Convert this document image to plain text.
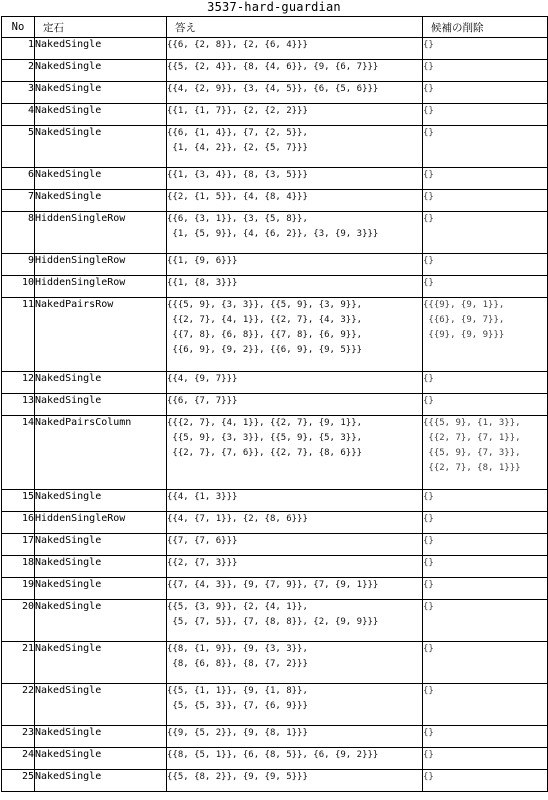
3537-hard-guardian
No	定石	答え	候補の削除
1	NakedSingle	{{6, {2, 8}}, {2, {6, 4}}}	{}
2	NakedSingle	{{5, {2, 4}}, {8, {4, 6}}, {9, {6, 7}}}	{}
3	NakedSingle	{{4, {2, 9}}, {3, {4, 5}}, {6, {5, 6}}}	{}
4	NakedSingle	{{1, {1, 7}}, {2, {2, 2}}}	{}
5	NakedSingle	{{6, {1, 4}}, {7, {2, 5}},
{1, {4, 2}}, {2, {5, 7}}}	{}
6	NakedSingle	{{1, {3, 4}}, {8, {3, 5}}}	{}
7	NakedSingle	{{2, {1, 5}}, {4, {8, 4}}}	{}
8	HiddenSingleRow	{{6, {3, 1}}, {3, {5, 8}},
{1, {5, 9}}, {4, {6, 2}}, {3, {9, 3}}}	{}
9	HiddenSingleRow	{{1, {9, 6}}}	{}
10	HiddenSingleRow	{{1, {8, 3}}}	{}
11	NakedPairsRow	{{{5, 9}, {3, 3}}, {{5, 9}, {3, 9}},
{{2, 7}, {4, 1}}, {{2, 7}, {4, 3}},
{{7, 8}, {6, 8}}, {{7, 8}, {6, 9}},
{{6, 9}, {9, 2}}, {{6, 9}, {9, 5}}}	{{{9}, {9, 1}},
{{6}, {9, 7}},
{{9}, {9, 9}}}
12	NakedSingle	{{4, {9, 7}}}	{}
13	NakedSingle	{{6, {7, 7}}}	{}
14	NakedPairsColumn	{{{2, 7}, {4, 1}}, {{2, 7}, {9, 1}},
{{5, 9}, {3, 3}}, {{5, 9}, {5, 3}},
{{2, 7}, {7, 6}}, {{2, 7}, {8, 6}}}	{{{5, 9}, {1, 3}},
{{2, 7}, {7, 1}},
{{5, 9}, {7, 3}},
{{2, 7}, {8, 1}}}
15	NakedSingle	{{4, {1, 3}}}	{}
16	HiddenSingleRow	{{4, {7, 1}}, {2, {8, 6}}}	{}
17	NakedSingle	{{7, {7, 6}}}	{}
18	NakedSingle	{{2, {7, 3}}}	{}
19	NakedSingle	{{7, {4, 3}}, {9, {7, 9}}, {7, {9, 1}}}	{}
20	NakedSingle	{{5, {3, 9}}, {2, {4, 1}},
{5, {7, 5}}, {7, {8, 8}}, {2, {9, 9}}}	{}
21	NakedSingle	{{8, {1, 9}}, {9, {3, 3}},
{8, {6, 8}}, {8, {7, 2}}}	{}
22	NakedSingle	{{5, {1, 1}}, {9, {1, 8}},
{5, {5, 3}}, {7, {6, 9}}}	{}
23	NakedSingle	{{9, {5, 2}}, {9, {8, 1}}}	{}
24	NakedSingle	{{8, {5, 1}}, {6, {8, 5}}, {6, {9, 2}}}	{}
25	NakedSingle	{{5, {8, 2}}, {9, {9, 5}}}	{}
